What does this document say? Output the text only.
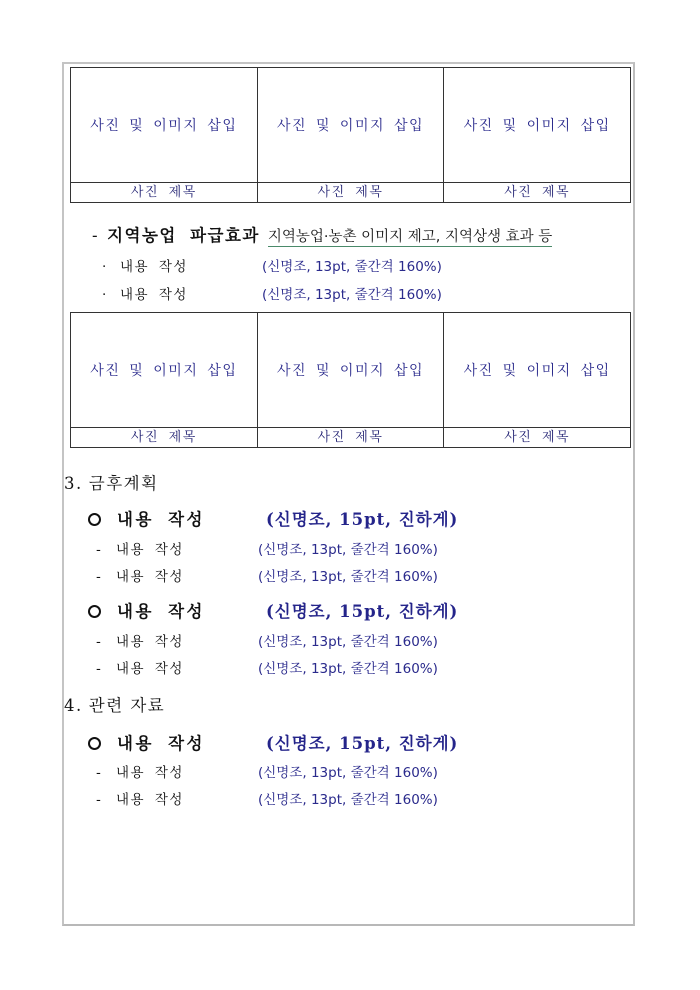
사진 및 이미지 삽입	사진 및 이미지 삽입	사진 및 이미지 삽입
사진 제목	사진 제목	사진 제목
- 지역농업 파급효과 지역농업·농촌 이미지 제고, 지역상생 효과 등
· 내용 작성	(신명조, 13pt, 줄간격 160%)
· 내용 작성	(신명조, 13pt, 줄간격 160%)
사진 및 이미지 삽입	사진 및 이미지 삽입	사진 및 이미지 삽입
사진 제목	사진 제목	사진 제목
3. 금후계획
내용 작성	(신명조, 15pt, 진하게)
- 내용 작성	(신명조, 13pt, 줄간격 160%)
- 내용 작성	(신명조, 13pt, 줄간격 160%)
내용 작성	(신명조, 15pt, 진하게)
- 내용 작성	(신명조, 13pt, 줄간격 160%)
- 내용 작성	(신명조, 13pt, 줄간격 160%)
4. 관련 자료
내용 작성	(신명조, 15pt, 진하게)
- 내용 작성	(신명조, 13pt, 줄간격 160%)
- 내용 작성	(신명조, 13pt, 줄간격 160%)
